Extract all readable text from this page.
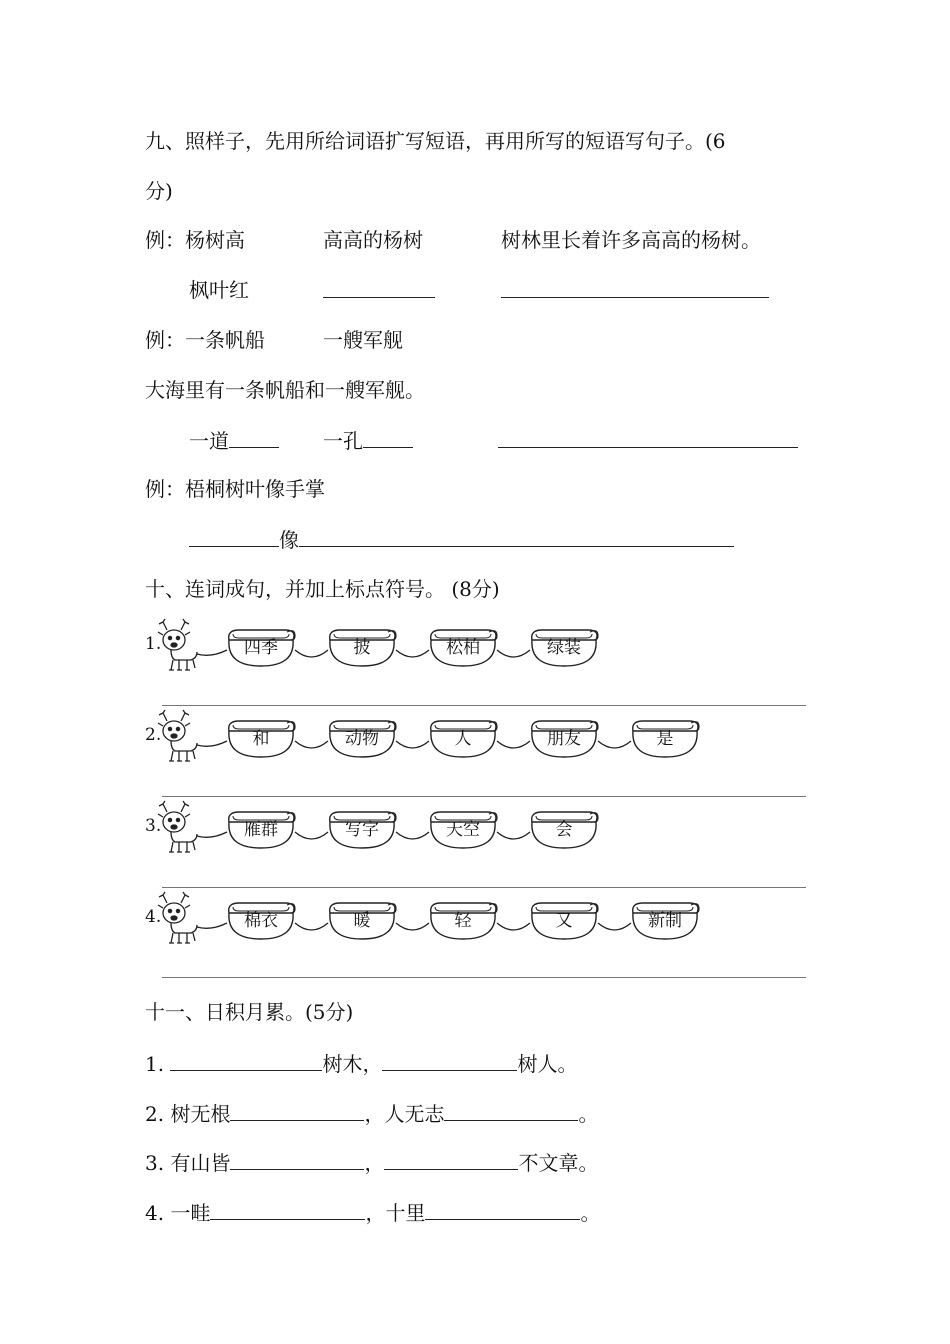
九、照样子，先用所给词语扩写短语，再用所写的短语写句子。(6
分)
例：杨树高	高高的杨树	树林里长着许多高高的杨树。
枫叶红
例：一条帆船	一艘军舰
大海里有一条帆船和一艘军舰。
一道	一孔
例：梧桐树叶像手掌
像
十、连词成句，并加上标点符号。 (8分)
1.	四季	披	松柏	绿装
2.	和	动物	人	朋友	是
3.	雁群	写字	天空	会
4.	棉衣	暖	轻	又	新制
十一、日积月累。(5分)
1.	树木，	树人。
2. 树无根	，人无志	。
3. 有山皆	，	不文章。
4. 一畦	，十里	。
